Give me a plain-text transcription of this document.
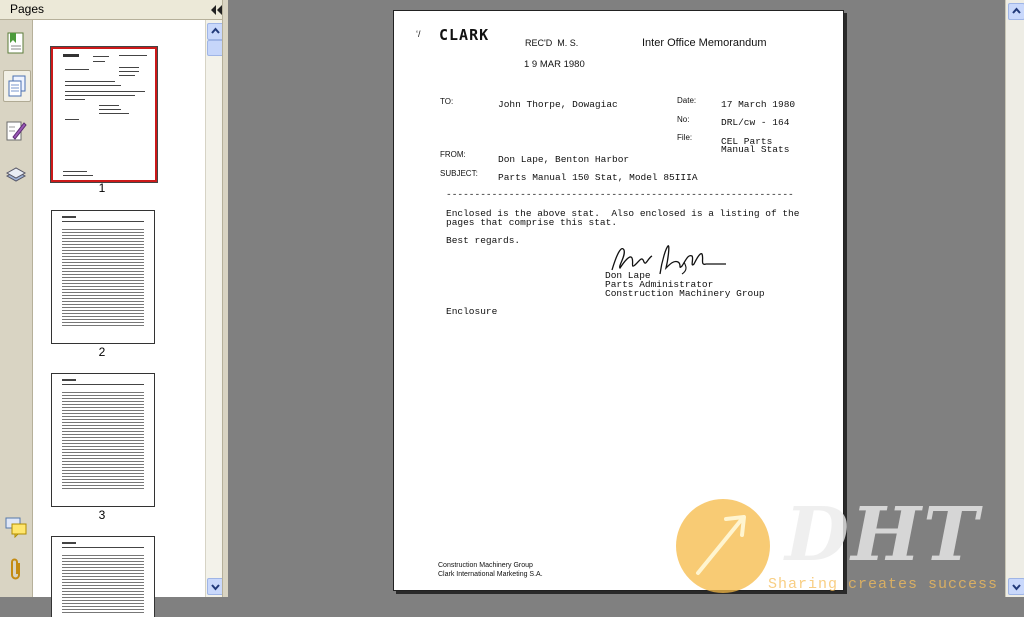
Pages
1
2
3
‘/ CLARK	REC'D  M. S.
1 9 MAR 1980
Inter Office Memorandum
TO:	John Thorpe, Dowagiac	Date:	17 March 1980
No:	DRL/cw - 164
File:	CEL Parts
Manual Stats
FROM:	Don Lape, Benton Harbor
SUBJECT: Parts Manual 150 Stat, Model 85IIIA
-------------------------------------------------------------
Enclosed is the above stat.  Also enclosed is a listing of the
pages that comprise this stat.
Best regards.
Don Lape
Parts Administrator
Construction Machinery Group
Enclosure
Construction Machinery Group
Clark International Marketing S.A.	DHT
Sharing creates success
